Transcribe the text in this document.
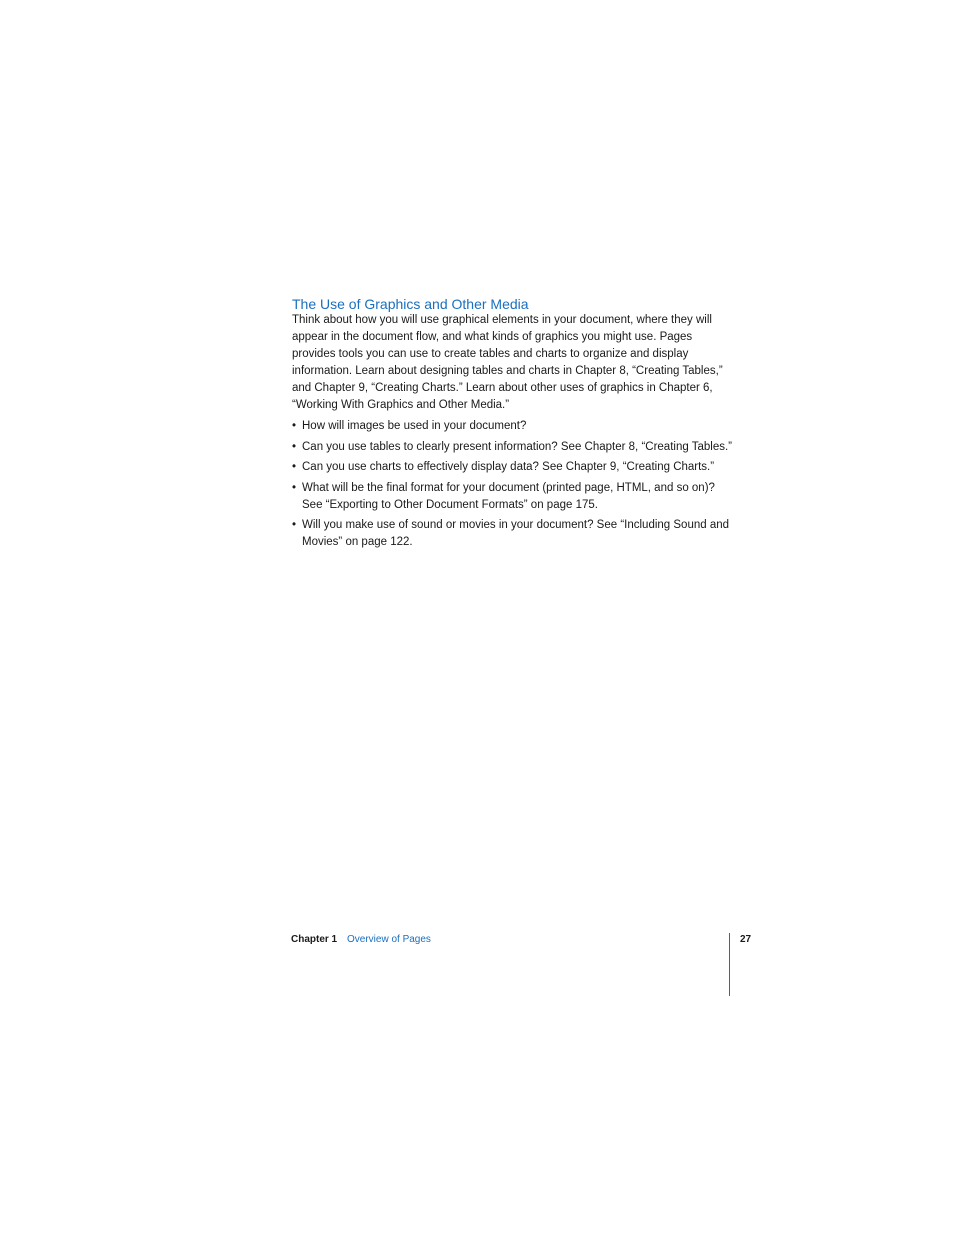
The Use of Graphics and Other Media

Think about how you will use graphical elements in your document, where they will appear in the document flow, and what kinds of graphics you might use. Pages provides tools you can use to create tables and charts to organize and display information. Learn about designing tables and charts in Chapter 8, “Creating Tables,” and Chapter 9, “Creating Charts.” Learn about other uses of graphics in Chapter 6, “Working With Graphics and Other Media.”

• How will images be used in your document?
• Can you use tables to clearly present information? See Chapter 8, “Creating Tables.”
• Can you use charts to effectively display data? See Chapter 9, “Creating Charts.”
• What will be the final format for your document (printed page, HTML, and so on)? See “Exporting to Other Document Formats” on page 175.
• Will you make use of sound or movies in your document? See “Including Sound and Movies” on page 122.
Chapter 1 Overview of Pages	27
